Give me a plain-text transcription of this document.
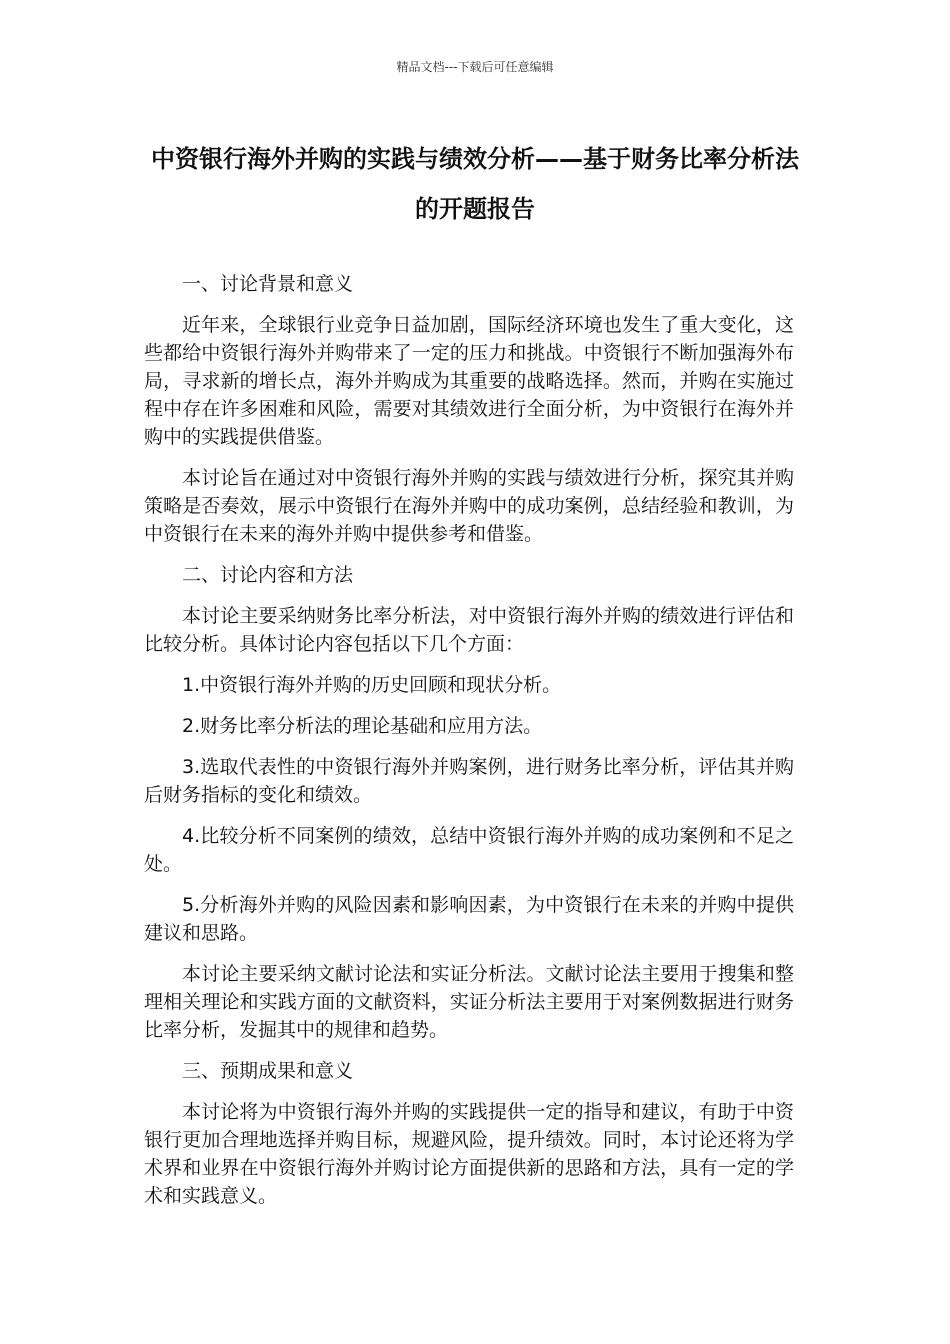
精品文档---下载后可任意编辑
中资银行海外并购的实践与绩效分析——基于财务比率分析法的开题报告

一、讨论背景和意义

近年来，全球银行业竞争日益加剧，国际经济环境也发生了重大变化，这些都给中资银行海外并购带来了一定的压力和挑战。中资银行不断加强海外布局，寻求新的增长点，海外并购成为其重要的战略选择。然而，并购在实施过程中存在许多困难和风险，需要对其绩效进行全面分析，为中资银行在海外并购中的实践提供借鉴。

本讨论旨在通过对中资银行海外并购的实践与绩效进行分析，探究其并购策略是否奏效，展示中资银行在海外并购中的成功案例，总结经验和教训，为中资银行在未来的海外并购中提供参考和借鉴。

二、讨论内容和方法

本讨论主要采纳财务比率分析法，对中资银行海外并购的绩效进行评估和比较分析。具体讨论内容包括以下几个方面：

1.中资银行海外并购的历史回顾和现状分析。

2.财务比率分析法的理论基础和应用方法。

3.选取代表性的中资银行海外并购案例，进行财务比率分析，评估其并购后财务指标的变化和绩效。

4.比较分析不同案例的绩效，总结中资银行海外并购的成功案例和不足之处。

5.分析海外并购的风险因素和影响因素，为中资银行在未来的并购中提供建议和思路。

本讨论主要采纳文献讨论法和实证分析法。文献讨论法主要用于搜集和整理相关理论和实践方面的文献资料，实证分析法主要用于对案例数据进行财务比率分析，发掘其中的规律和趋势。

三、预期成果和意义

本讨论将为中资银行海外并购的实践提供一定的指导和建议，有助于中资银行更加合理地选择并购目标，规避风险，提升绩效。同时，本讨论还将为学术界和业界在中资银行海外并购讨论方面提供新的思路和方法，具有一定的学术和实践意义。
